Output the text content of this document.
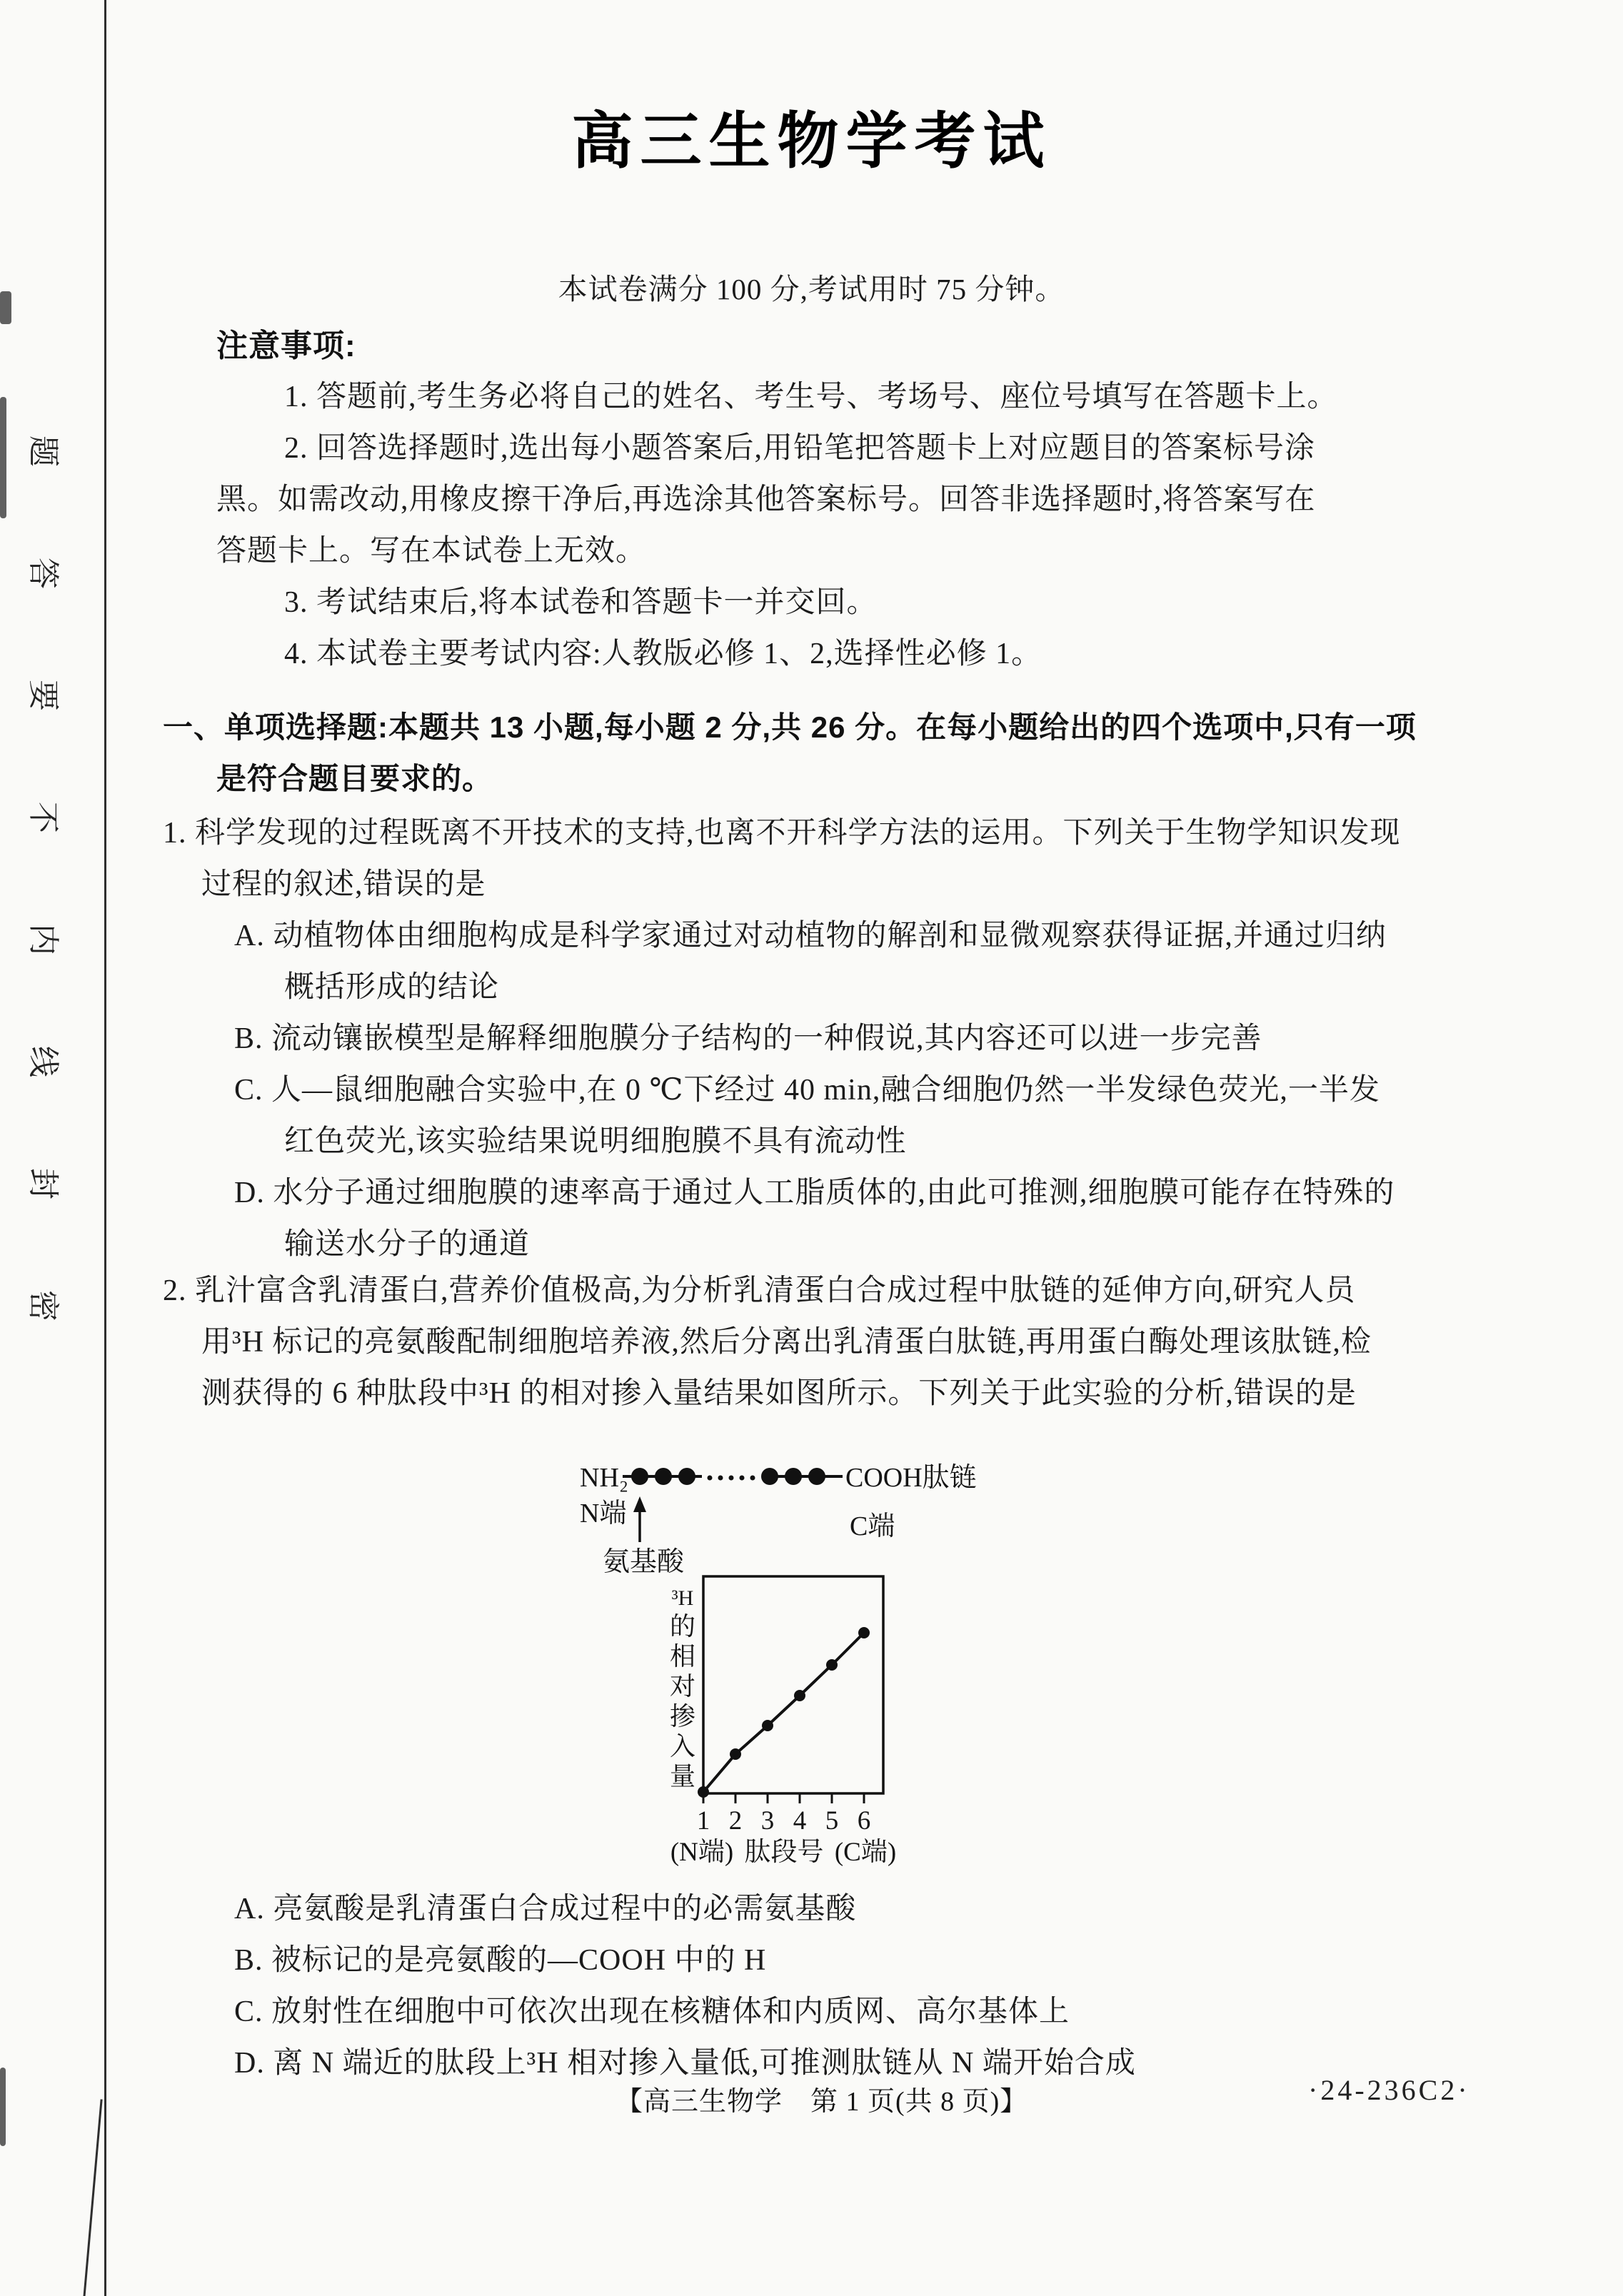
题
答
要
不
内
线
封
密
高三生物学考试
本试卷满分 100 分,考试用时 75 分钟。
注意事项:
1. 答题前,考生务必将自己的姓名、考生号、考场号、座位号填写在答题卡上。
2. 回答选择题时,选出每小题答案后,用铅笔把答题卡上对应题目的答案标号涂
黑。如需改动,用橡皮擦干净后,再选涂其他答案标号。回答非选择题时,将答案写在
答题卡上。写在本试卷上无效。
3. 考试结束后,将本试卷和答题卡一并交回。
4. 本试卷主要考试内容:人教版必修 1、2,选择性必修 1。
一、单项选择题:本题共 13 小题,每小题 2 分,共 26 分。在每小题给出的四个选项中,只有一项
是符合题目要求的。
1. 科学发现的过程既离不开技术的支持,也离不开科学方法的运用。下列关于生物学知识发现
过程的叙述,错误的是
A. 动植物体由细胞构成是科学家通过对动植物的解剖和显微观察获得证据,并通过归纳
概括形成的结论
B. 流动镶嵌模型是解释细胞膜分子结构的一种假说,其内容还可以进一步完善
C. 人—鼠细胞融合实验中,在 0 ℃下经过 40 min,融合细胞仍然一半发绿色荧光,一半发
红色荧光,该实验结果说明细胞膜不具有流动性
D. 水分子通过细胞膜的速率高于通过人工脂质体的,由此可推测,细胞膜可能存在特殊的
输送水分子的通道
2. 乳汁富含乳清蛋白,营养价值极高,为分析乳清蛋白合成过程中肽链的延伸方向,研究人员
用³H 标记的亮氨酸配制细胞培养液,然后分离出乳清蛋白肽链,再用蛋白酶处理该肽链,检
测获得的 6 种肽段中³H 的相对掺入量结果如图所示。下列关于此实验的分析,错误的是
NH₂
N端
COOH肽链
C端
氨基酸
³H
的
相
对
掺
入
量
1 2 3 4 5 6
(N端) 肽段号 (C端)
A. 亮氨酸是乳清蛋白合成过程中的必需氨基酸
B. 被标记的是亮氨酸的—COOH 中的 H
C. 放射性在细胞中可依次出现在核糖体和内质网、高尔基体上
D. 离 N 端近的肽段上³H 相对掺入量低,可推测肽链从 N 端开始合成
【高三生物学　第 1 页(共 8 页)】	·24-236C2·
